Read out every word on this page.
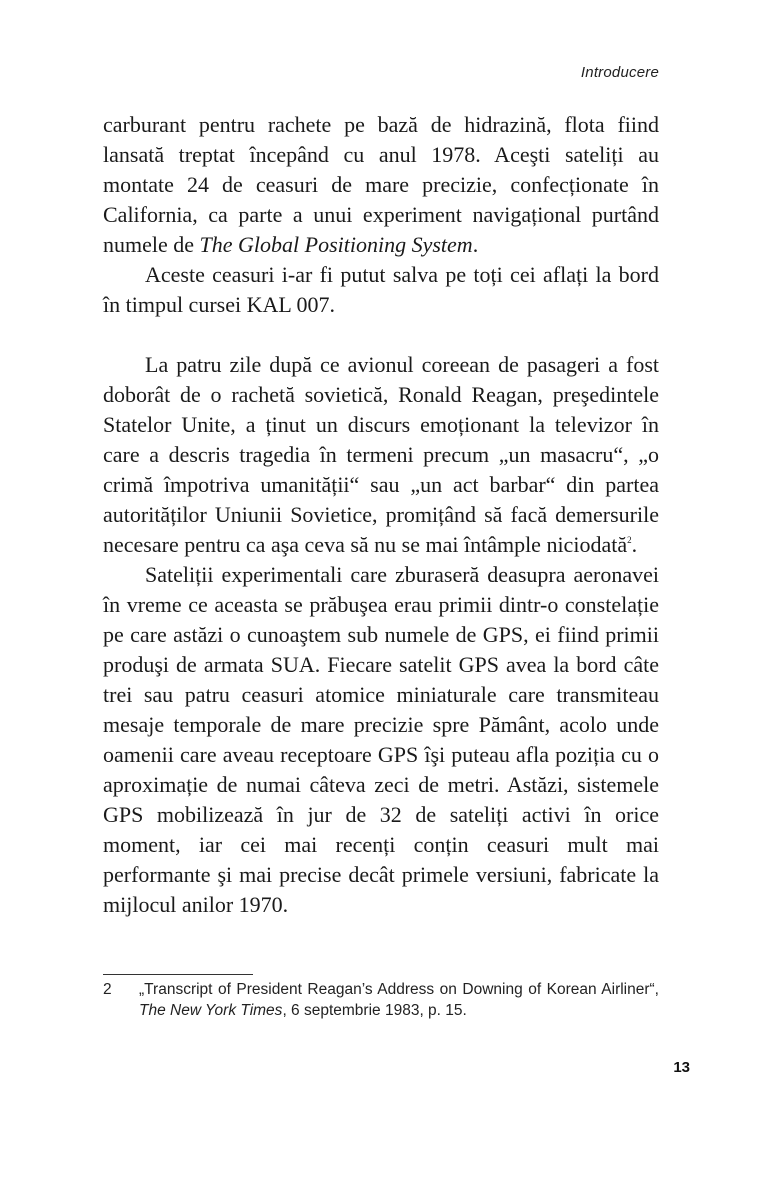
Introducere

carburant pentru rachete pe bază de hidrazină, flota fiind lansată treptat începând cu anul 1978. Aceşti sateliți au montate 24 de ceasuri de mare precizie, confecționate în California, ca parte a unui experiment navigațional purtând numele de The Global Positioning System.

Aceste ceasuri i-ar fi putut salva pe toți cei aflați la bord în timpul cursei KAL 007.

La patru zile după ce avionul coreean de pasageri a fost doborât de o rachetă sovietică, Ronald Reagan, preşedintele Statelor Unite, a ținut un discurs emoționant la televizor în care a descris tragedia în termeni precum „un masacru“, „o crimă împotriva umanității“ sau „un act barbar“ din partea autorităților Uniunii Sovietice, promițând să facă demersurile necesare pentru ca aşa ceva să nu se mai întâmple niciodată$^2$.

Sateliții experimentali care zburaseră deasupra aeronavei în vreme ce aceasta se prăbuşea erau primii dintr-o constelație pe care astăzi o cunoaştem sub numele de GPS, ei fiind primii produşi de armata SUA. Fiecare satelit GPS avea la bord câte trei sau patru ceasuri atomice miniaturale care transmiteau mesaje temporale de mare precizie spre Pământ, acolo unde oamenii care aveau receptoare GPS îşi puteau afla poziția cu o aproximație de numai câteva zeci de metri. Astăzi, sistemele GPS mobilizează în jur de 32 de sateliți activi în orice moment, iar cei mai recenți conțin ceasuri mult mai performante şi mai precise decât primele versiuni, fabricate la mijlocul anilor 1970.

2 „Transcript of President Reagan’s Address on Downing of Korean Airliner“, The New York Times, 6 septembrie 1983, p. 15.
13
